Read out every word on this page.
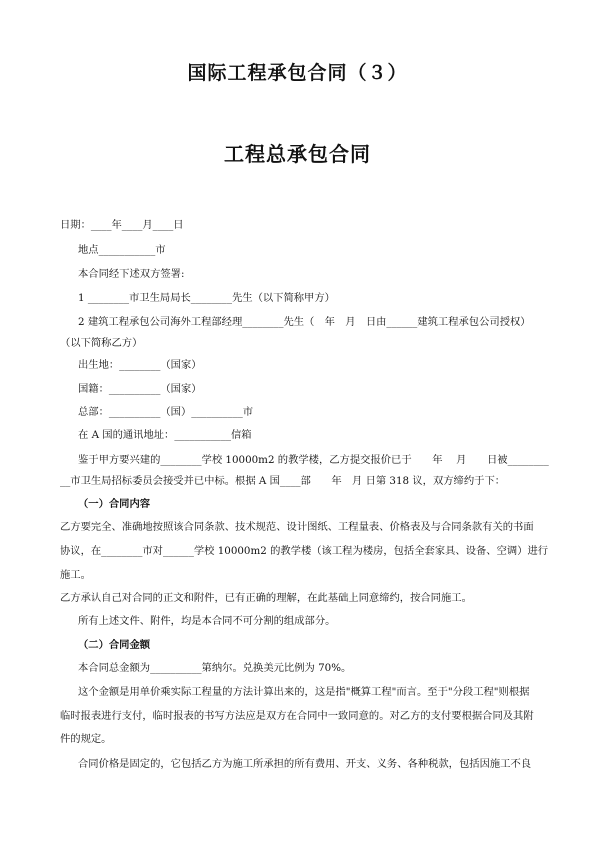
国际工程承包合同（３）
工程总承包合同

日期：____年____月____日

地点___________市

本合同经下述双方签署:

1 ________市卫生局局长________先生（以下简称甲方）

2 建筑工程承包公司海外工程部经理________先生（　年　月　日由______建筑工程承包公司授权）

（以下简称乙方）

出生地：________（国家）

国籍：__________（国家）

总部：__________（国）__________市

在 A 国的通讯地址：___________信箱

鉴于甲方要兴建的________学校 10000m2 的教学楼，乙方提交报价已于　　年　 月　　日被________

__市卫生局招标委员会接受并已中标。根据 A 国____部　　年　月 日第 318 议，双方缔约于下：

（一）合同内容

乙方要完全、准确地按照该合同条款、技术规范、设计图纸、工程量表、价格表及与合同条款有关的书面

协议，在________市对______学校 10000m2 的教学楼（该工程为楼房，包括全套家具、设备、空调）进行

施工。

乙方承认自己对合同的正文和附件，已有正确的理解，在此基础上同意缔约，按合同施工。

所有上述文件、附件，均是本合同不可分割的组成部分。

（二）合同金额

本合同总金额为__________第纳尔。兑换美元比例为 70%。

这个金额是用单价乘实际工程量的方法计算出来的，这是指"概算工程"而言。至于"分段工程"则根据

临时报表进行支付，临时报表的书写方法应是双方在合同中一致同意的。对乙方的支付要根据合同及其附

件的规定。

合同价格是固定的，它包括乙方为施工所承担的所有费用、开支、义务、各种税款，包括因施工不良
